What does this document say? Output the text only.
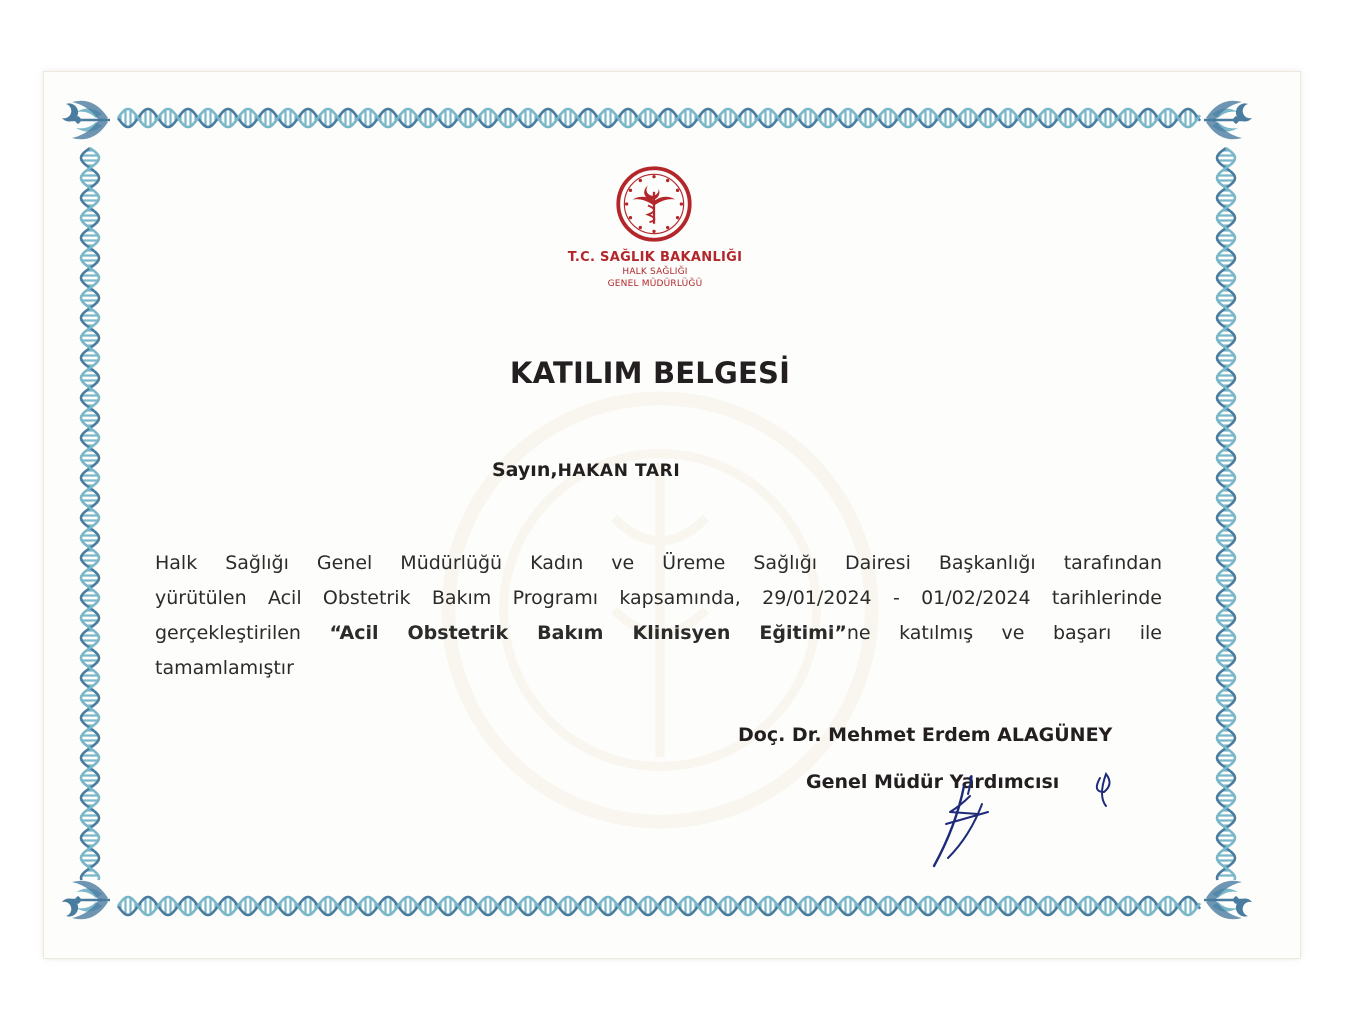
T.C. SAĞLIK BAKANLIĞI
HALK SAĞLIĞI
GENEL MÜDÜRLÜĞÜ
KATILIM BELGESİ
Sayın,HAKAN TARI
Halk Sağlığı Genel Müdürlüğü Kadın ve Üreme Sağlığı Dairesi Başkanlığı tarafından
yürütülen Acil Obstetrik Bakım Programı kapsamında, 29/01/2024 - 01/02/2024 tarihlerinde
gerçekleştirilen “Acil Obstetrik Bakım Klinisyen Eğitimi”ne katılmış ve başarı ile
tamamlamıştır
Doç. Dr. Mehmet Erdem ALAGÜNEY
Genel Müdür Yardımcısı
